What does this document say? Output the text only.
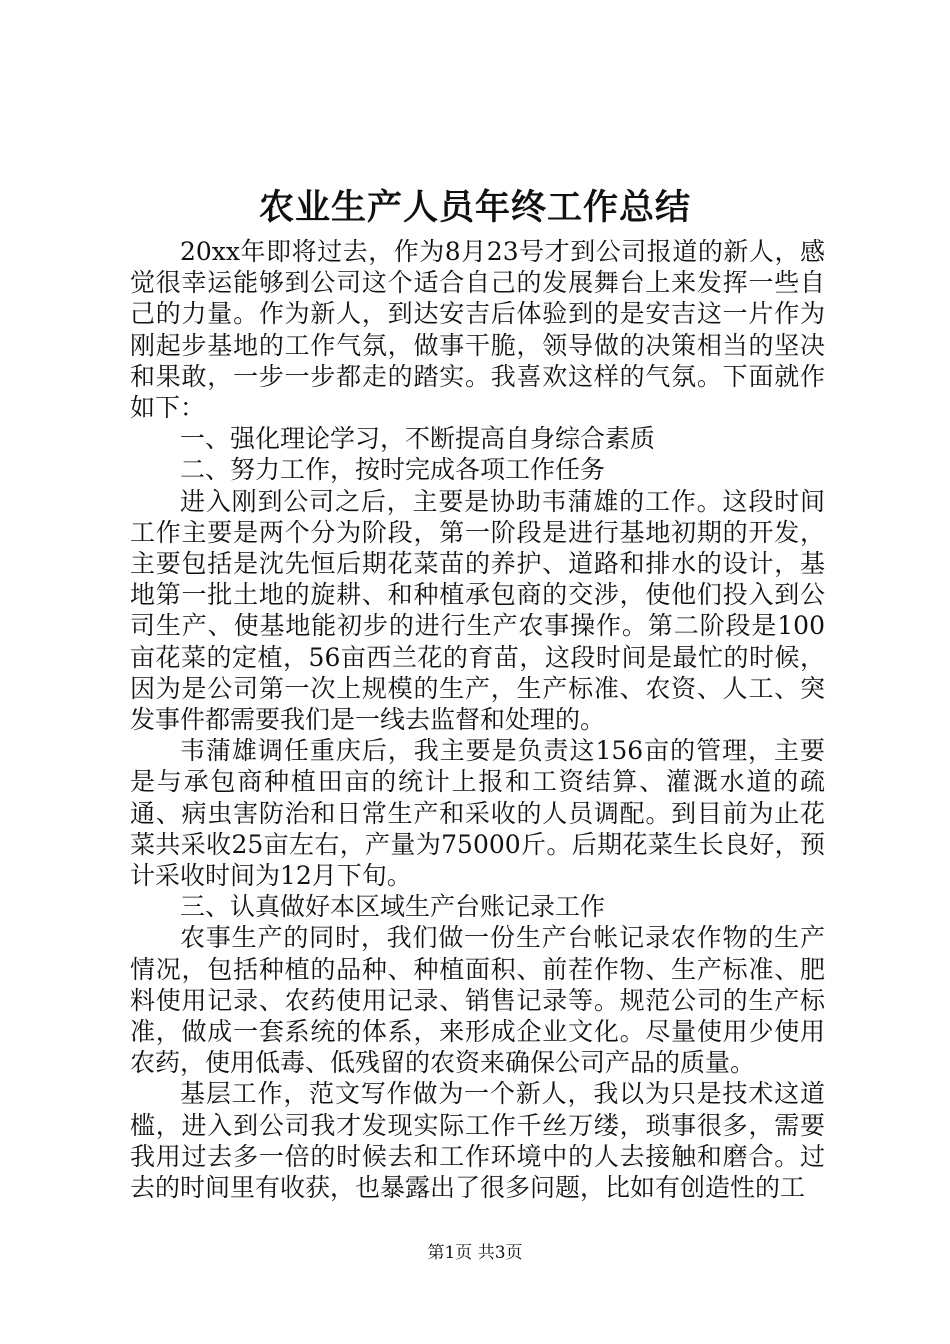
农业生产人员年终工作总结

20xx年即将过去，作为8月23号才到公司报道的新人，感觉很幸运能够到公司这个适合自己的发展舞台上来发挥一些自己的力量。作为新人，到达安吉后体验到的是安吉这一片作为刚起步基地的工作气氛，做事干脆，领导做的决策相当的坚决和果敢，一步一步都走的踏实。我喜欢这样的气氛。下面就作如下：

一、强化理论学习，不断提高自身综合素质

二、努力工作，按时完成各项工作任务

进入刚到公司之后，主要是协助韦蒲雄的工作。这段时间工作主要是两个分为阶段，第一阶段是进行基地初期的开发，主要包括是沈先恒后期花菜苗的养护、道路和排水的设计，基地第一批土地的旋耕、和种植承包商的交涉，使他们投入到公司生产、使基地能初步的进行生产农事操作。第二阶段是100亩花菜的定植，56亩西兰花的育苗，这段时间是最忙的时候，因为是公司第一次上规模的生产，生产标准、农资、人工、突发事件都需要我们是一线去监督和处理的。

韦蒲雄调任重庆后，我主要是负责这156亩的管理，主要是与承包商种植田亩的统计上报和工资结算、灌溉水道的疏通、病虫害防治和日常生产和采收的人员调配。到目前为止花菜共采收25亩左右，产量为75000斤。后期花菜生长良好，预计采收时间为12月下旬。

三、认真做好本区域生产台账记录工作

农事生产的同时，我们做一份生产台帐记录农作物的生产情况，包括种植的品种、种植面积、前茬作物、生产标准、肥料使用记录、农药使用记录、销售记录等。规范公司的生产标准，做成一套系统的体系，来形成企业文化。尽量使用少使用农药，使用低毒、低残留的农资来确保公司产品的质量。

基层工作，范文写作做为一个新人，我以为只是技术这道槛，进入到公司我才发现实际工作千丝万缕，琐事很多，需要我用过去多一倍的时候去和工作环境中的人去接触和磨合。过去的时间里有收获，也暴露出了很多问题，比如有创造性的工

第1页 共3页
